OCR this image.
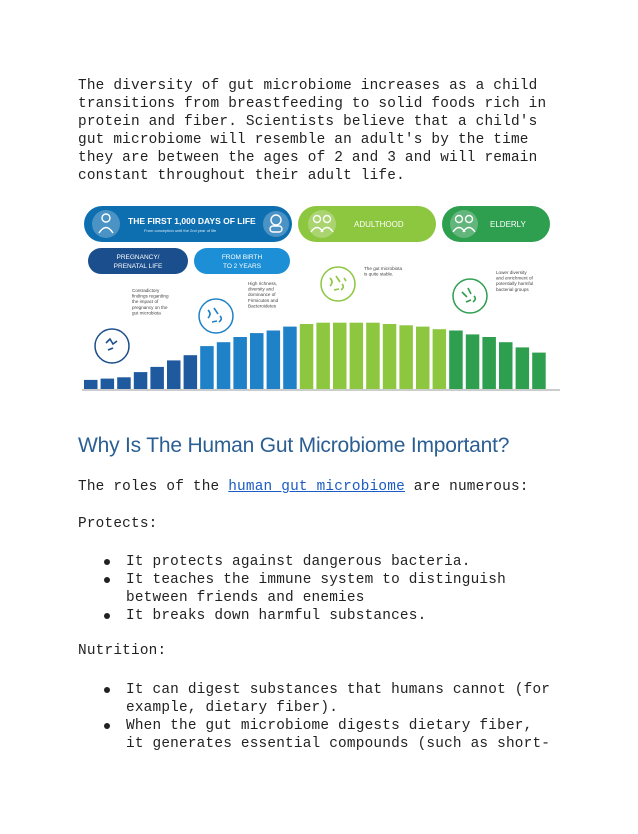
The diversity of gut microbiome increases as a child
transitions from breastfeeding to solid foods rich in
protein and fiber. Scientists believe that a child's
gut microbiome will resemble an adult's by the time
they are between the ages of 2 and 3 and will remain
constant throughout their adult life.

THE FIRST 1,000 DAYS OF LIFE
From conception until the 2nd year of life
ADULTHOOD	ELDERLY
PREGNANCY/
PRENATAL LIFE
FROM BIRTH
TO 2 YEARS
Contradictory
findings regarding
the impact of
pregnancy on the
gut microbiota
High richness,
diversity and
dominance of
Firmicutes and
Bacteroidetes
The gut microbiota
is quite stable.	Lower diversity
and enrichment of
potentially harmful
bacterial groups
Why Is The Human Gut Microbiome Important?

The roles of the human gut microbiome are numerous:

Protects:

It protects against dangerous bacteria.
It teaches the immune system to distinguish
between friends and enemies
It breaks down harmful substances.

Nutrition:

It can digest substances that humans cannot (for
example, dietary fiber).
When the gut microbiome digests dietary fiber,
it generates essential compounds (such as short-
